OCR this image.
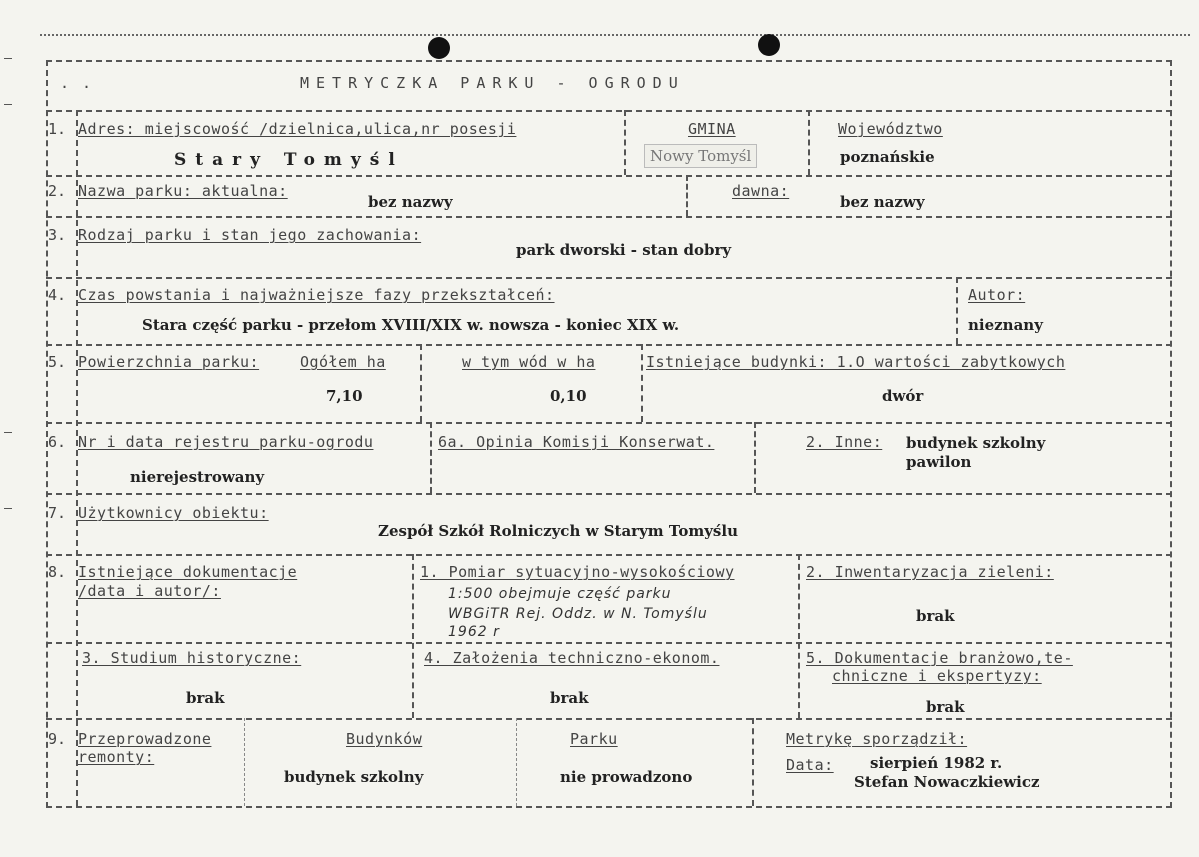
. .	METRYCZKA PARKU - OGRODU
1. Adres: miejscowość /dzielnica,ulica,nr posesji
Stary Tomyśl
GMINA
Nowy Tomyśl
Województwo
poznańskie
2. Nazwa parku: aktualna:
bez nazwy
dawna:
bez nazwy
3. Rodzaj parku i stan jego zachowania:
park dworski - stan dobry
4. Czas powstania i najważniejsze fazy przekształceń:
Stara część parku - przełom XVIII/XIX w. nowsza - koniec XIX w.
Autor:
nieznany
5. Powierzchnia parku:	Ogółem ha
7,10
w tym wód w ha
0,10
Istniejące budynki: 1.O wartości zabytkowych
dwór
6. Nr i data rejestru parku-ogrodu
nierejestrowany
6a. Opinia Komisji Konserwat.	2. Inne: budynek szkolny
pawilon
7. Użytkownicy obiektu:
Zespół Szkół Rolniczych w Starym Tomyślu
8. Istniejące dokumentacje
/data i autor/:
1. Pomiar sytuacyjno-wysokościowy
1:500 obejmuje część parku
WBGiTR Rej. Oddz. w N. Tomyślu
1962 r
2. Inwentaryzacja zieleni:
brak
3. Studium historyczne:
brak
4. Założenia techniczno-ekonom.
brak
5. Dokumentacje branżowo,te-
chniczne i ekspertyzy:
brak
9. Przeprowadzone
remonty:
Budynków
budynek szkolny
Parku
nie prowadzono
Metrykę sporządził:
Data: sierpień 1982 r.
Stefan Nowaczkiewicz
